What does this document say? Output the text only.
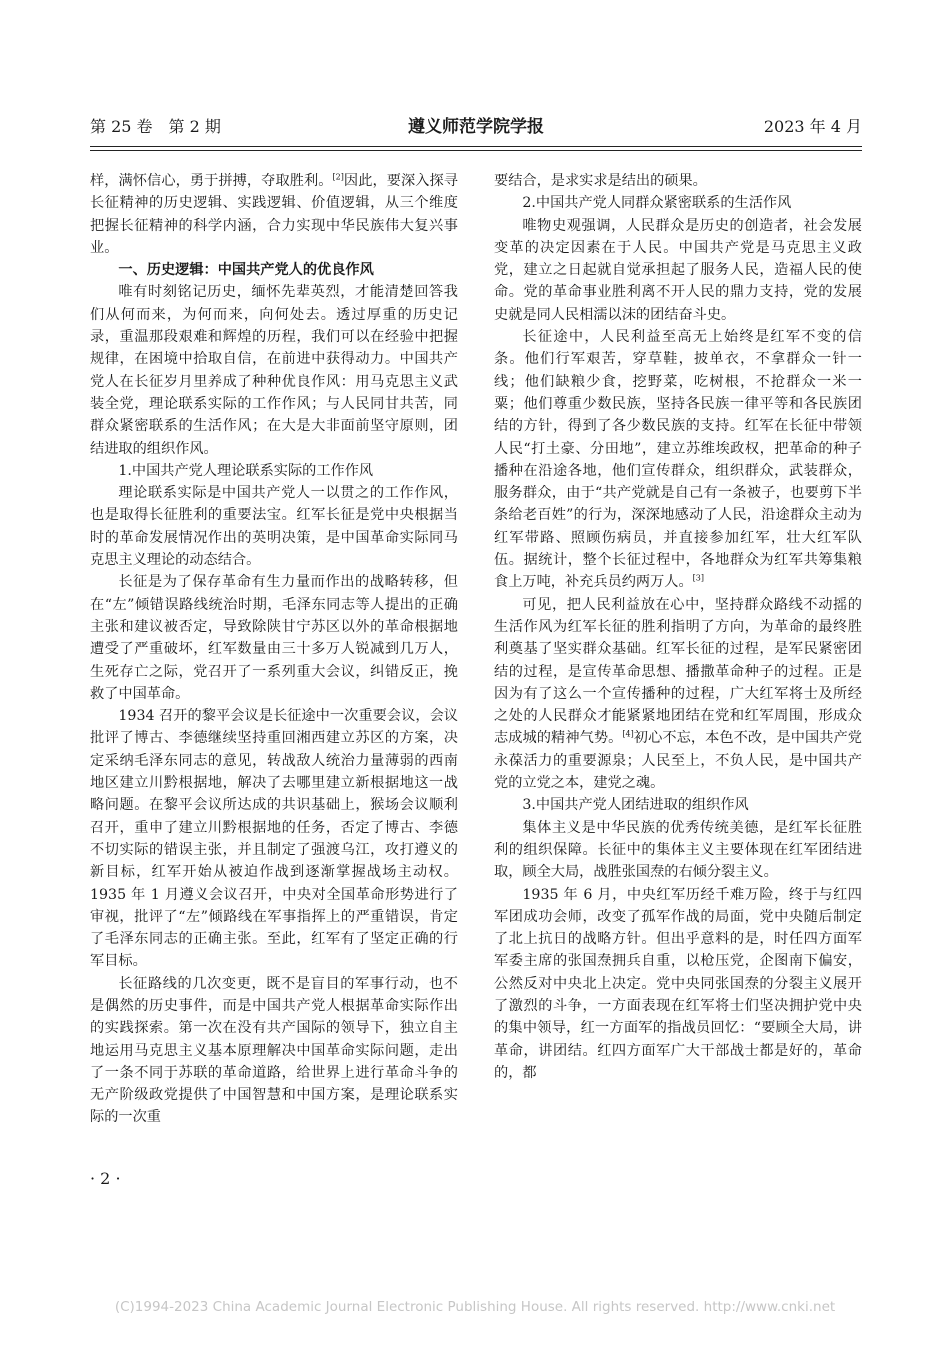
第 25 卷　第 2 期	遵义师范学院学报	2023 年 4 月

样，满怀信心，勇于拼搏，夺取胜利。[2]因此，要深入探寻长征精神的历史逻辑、实践逻辑、价值逻辑，从三个维度把握长征精神的科学内涵，合力实现中华民族伟大复兴事业。

一、历史逻辑：中国共产党人的优良作风

唯有时刻铭记历史，缅怀先辈英烈，才能清楚回答我们从何而来，为何而来，向何处去。透过厚重的历史记录，重温那段艰难和辉煌的历程，我们可以在经验中把握规律，在困境中拾取自信，在前进中获得动力。中国共产党人在长征岁月里养成了种种优良作风：用马克思主义武装全党，理论联系实际的工作作风；与人民同甘共苦，同群众紧密联系的生活作风；在大是大非面前坚守原则，团结进取的组织作风。

1.中国共产党人理论联系实际的工作作风

理论联系实际是中国共产党人一以贯之的工作作风，也是取得长征胜利的重要法宝。红军长征是党中央根据当时的革命发展情况作出的英明决策，是中国革命实际同马克思主义理论的动态结合。

长征是为了保存革命有生力量而作出的战略转移，但在“左”倾错误路线统治时期，毛泽东同志等人提出的正确主张和建议被否定，导致除陕甘宁苏区以外的革命根据地遭受了严重破坏，红军数量由三十多万人锐减到几万人，生死存亡之际，党召开了一系列重大会议，纠错反正，挽救了中国革命。

1934 召开的黎平会议是长征途中一次重要会议，会议批评了博古、李德继续坚持重回湘西建立苏区的方案，决定采纳毛泽东同志的意见，转战敌人统治力量薄弱的西南地区建立川黔根据地，解决了去哪里建立新根据地这一战略问题。在黎平会议所达成的共识基础上，猴场会议顺利召开，重申了建立川黔根据地的任务，否定了博古、李德不切实际的错误主张，并且制定了强渡乌江，攻打遵义的新目标，红军开始从被迫作战到逐渐掌握战场主动权。1935 年 1 月遵义会议召开，中央对全国革命形势进行了审视，批评了“左”倾路线在军事指挥上的严重错误，肯定了毛泽东同志的正确主张。至此，红军有了坚定正确的行军目标。

长征路线的几次变更，既不是盲目的军事行动，也不是偶然的历史事件，而是中国共产党人根据革命实际作出的实践探索。第一次在没有共产国际的领导下，独立自主地运用马克思主义基本原理解决中国革命实际问题，走出了一条不同于苏联的革命道路，给世界上进行革命斗争的无产阶级政党提供了中国智慧和中国方案，是理论联系实际的一次重

要结合，是求实求是结出的硕果。

2.中国共产党人同群众紧密联系的生活作风

唯物史观强调，人民群众是历史的创造者，社会发展变革的决定因素在于人民。中国共产党是马克思主义政党，建立之日起就自觉承担起了服务人民，造福人民的使命。党的革命事业胜利离不开人民的鼎力支持，党的发展史就是同人民相濡以沫的团结奋斗史。

长征途中，人民利益至高无上始终是红军不变的信条。他们行军艰苦，穿草鞋，披单衣，不拿群众一针一线；他们缺粮少食，挖野菜，吃树根，不抢群众一米一粟；他们尊重少数民族，坚持各民族一律平等和各民族团结的方针，得到了各少数民族的支持。红军在长征中带领人民“打土豪、分田地”，建立苏维埃政权，把革命的种子播种在沿途各地，他们宣传群众，组织群众，武装群众，服务群众，由于“共产党就是自己有一条被子，也要剪下半条给老百姓”的行为，深深地感动了人民，沿途群众主动为红军带路、照顾伤病员，并直接参加红军，壮大红军队伍。据统计，整个长征过程中，各地群众为红军共筹集粮食上万吨，补充兵员约两万人。[3]

可见，把人民利益放在心中，坚持群众路线不动摇的生活作风为红军长征的胜利指明了方向，为革命的最终胜利奠基了坚实群众基础。红军长征的过程，是军民紧密团结的过程，是宣传革命思想、播撒革命种子的过程。正是因为有了这么一个宣传播种的过程，广大红军将士及所经之处的人民群众才能紧紧地团结在党和红军周围，形成众志成城的精神气势。[4]初心不忘，本色不改，是中国共产党永葆活力的重要源泉；人民至上，不负人民，是中国共产党的立党之本，建党之魂。

3.中国共产党人团结进取的组织作风

集体主义是中华民族的优秀传统美德，是红军长征胜利的组织保障。长征中的集体主义主要体现在红军团结进取，顾全大局，战胜张国焘的右倾分裂主义。

1935 年 6 月，中央红军历经千难万险，终于与红四军团成功会师，改变了孤军作战的局面，党中央随后制定了北上抗日的战略方针。但出乎意料的是，时任四方面军军委主席的张国焘拥兵自重，以枪压党，企图南下偏安，公然反对中央北上决定。党中央同张国焘的分裂主义展开了激烈的斗争，一方面表现在红军将士们坚决拥护党中央的集中领导，红一方面军的指战员回忆：“要顾全大局，讲革命，讲团结。红四方面军广大干部战士都是好的，革命的，都

· 2 ·
(C)1994-2023 China Academic Journal Electronic Publishing House. All rights reserved. http://www.cnki.net
